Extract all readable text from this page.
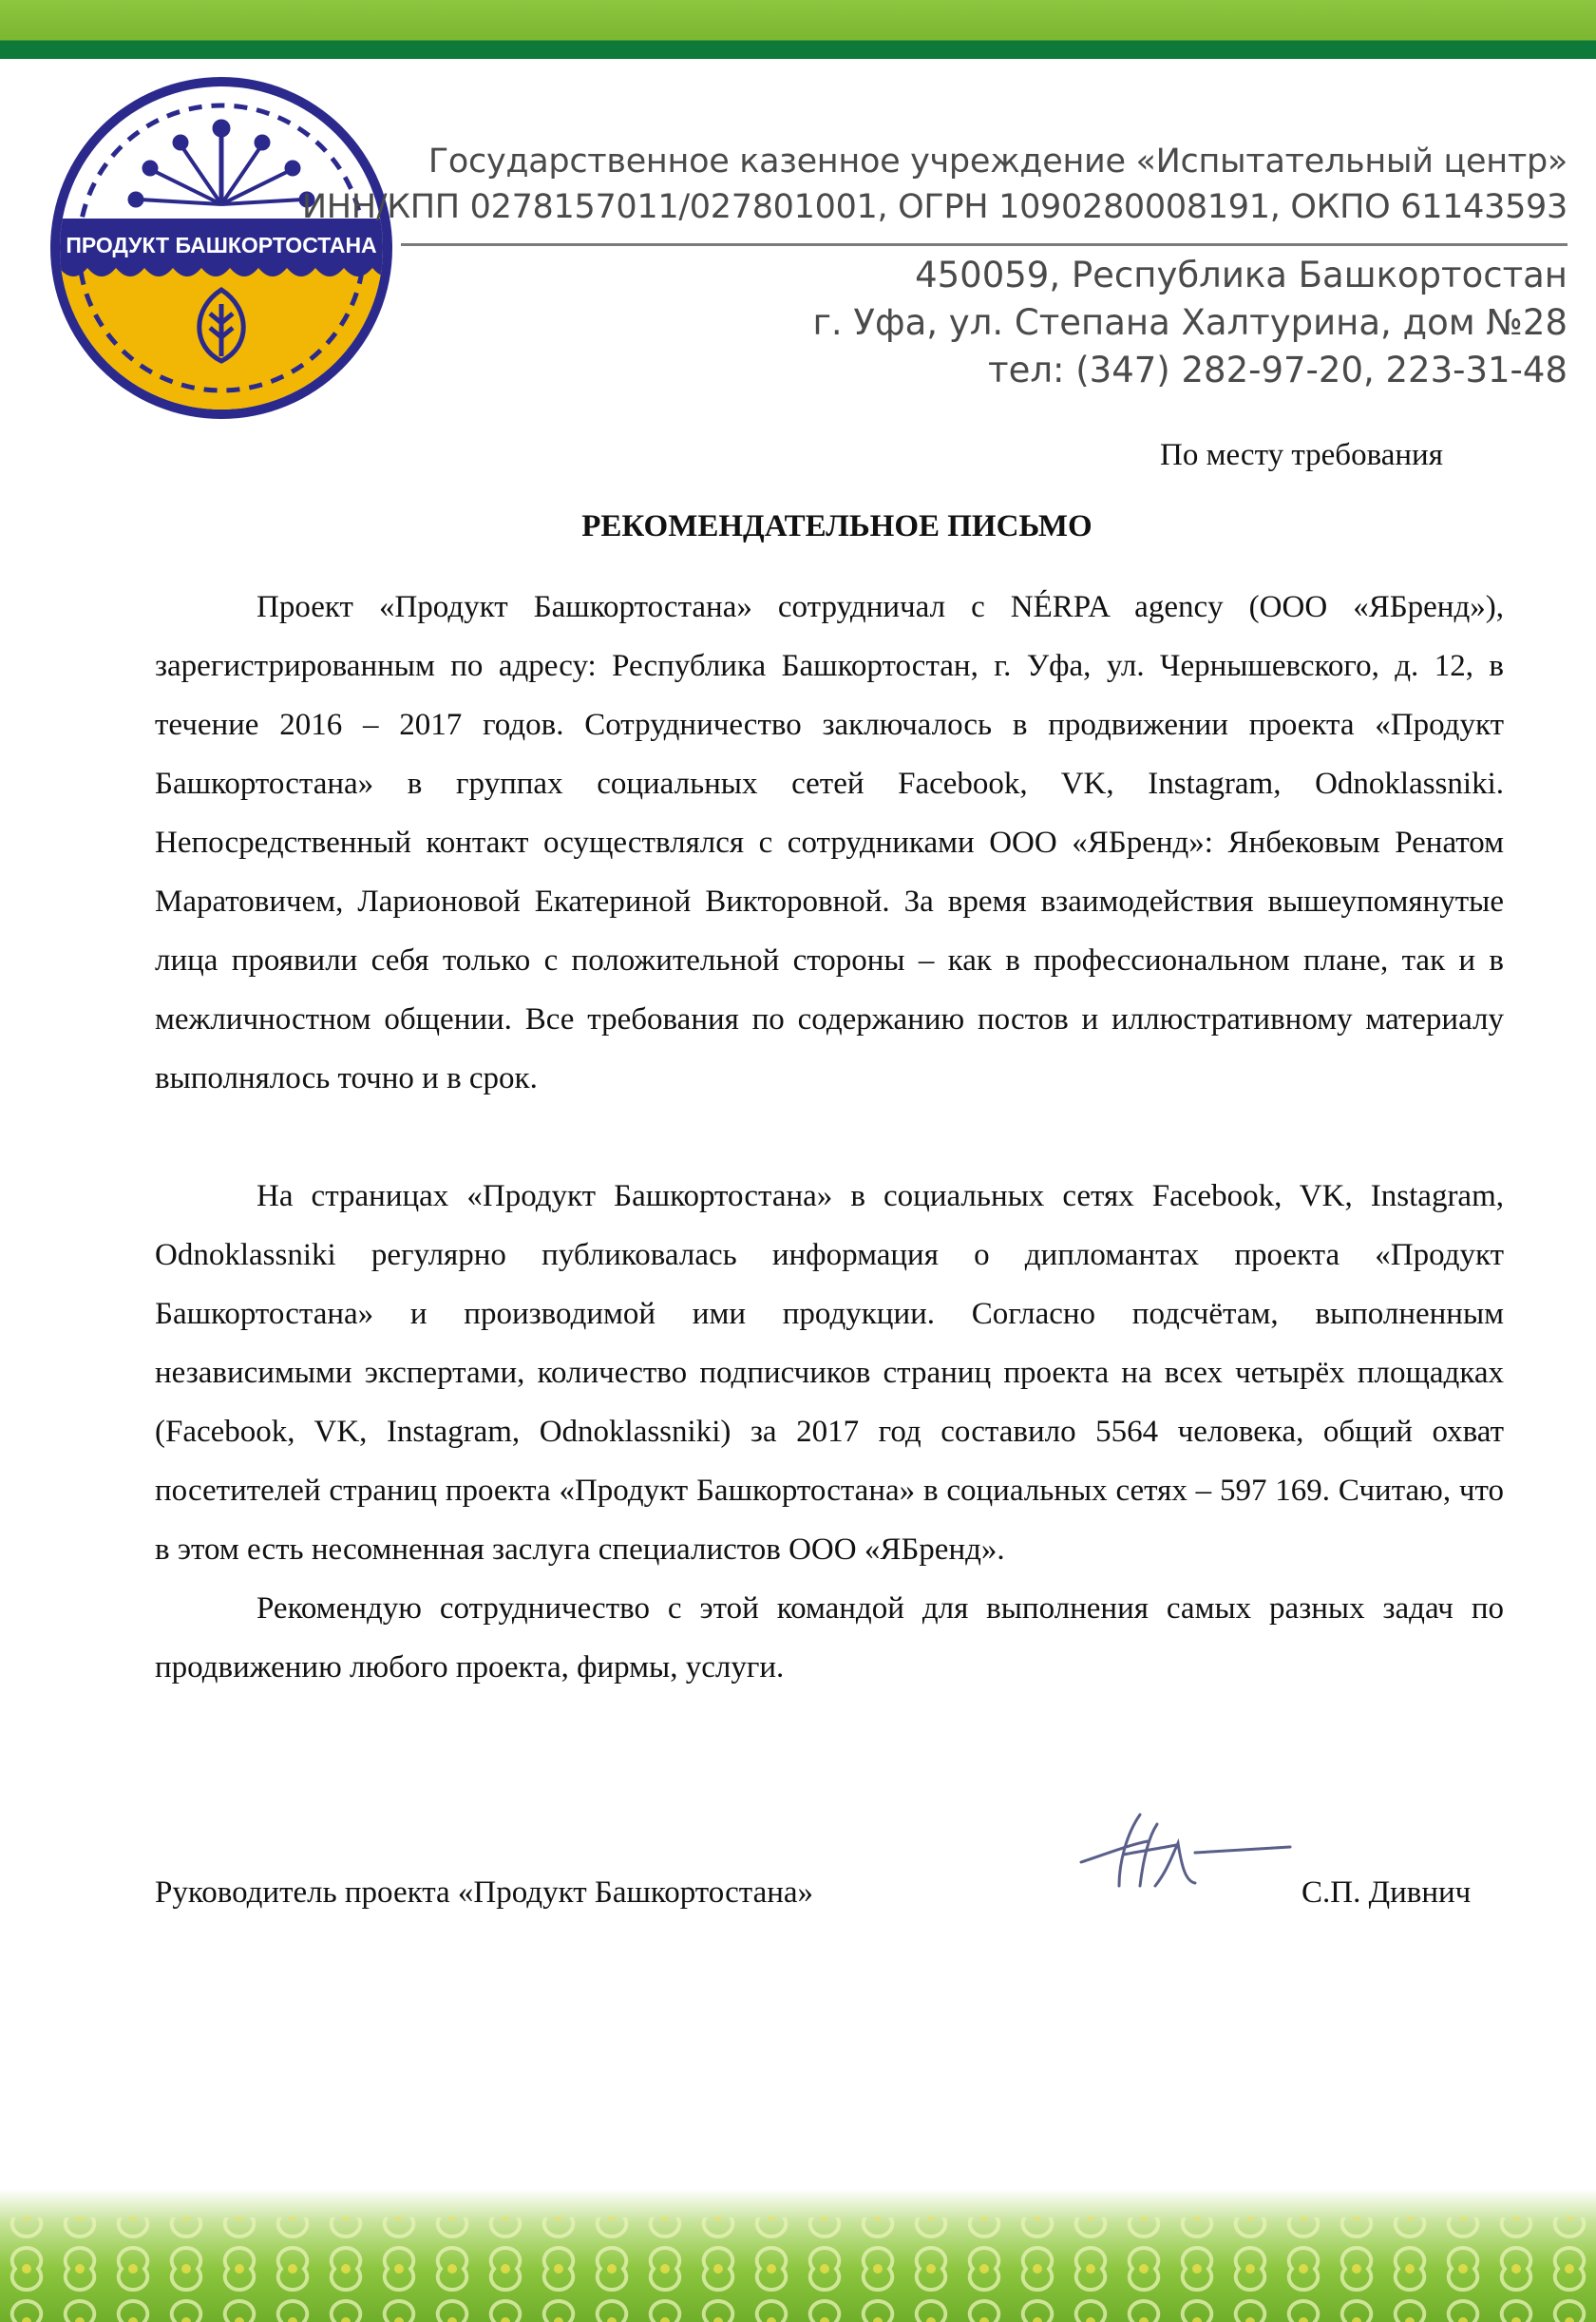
ПРОДУКТ БАШКОРТОСТАНА
Государственное казенное учреждение «Испытательный центр»
ИНН/КПП 0278157011/027801001, ОГРН 1090280008191, ОКПО 61143593
450059, Республика Башкортостан
г. Уфа, ул. Степана Халтурина, дом №28
тел: (347) 282-97-20, 223-31-48
По месту требования
РЕКОМЕНДАТЕЛЬНОЕ ПИСЬМО

Проект «Продукт Башкортостана» сотрудничал с NÉRPA agency (ООО «ЯБренд»), зарегистрированным по адресу: Республика Башкортостан, г. Уфа, ул. Чернышевского, д. 12, в течение 2016 – 2017 годов. Сотрудничество заключалось в продвижении проекта «Продукт Башкортостана» в группах социальных сетей Facebook, VK, Instagram, Odnoklassniki. Непосредственный контакт осуществлялся с сотрудниками ООО «ЯБренд»: Янбековым Ренатом Маратовичем, Ларионовой Екатериной Викторовной. За время взаимодействия вышеупомянутые лица проявили себя только с положительной стороны – как в профессиональном плане, так и в межличностном общении. Все требования по содержанию постов и иллюстративному материалу выполнялось точно и в срок.

На страницах «Продукт Башкортостана» в социальных сетях Facebook, VK, Instagram, Odnoklassniki регулярно публиковалась информация о дипломантах проекта «Продукт Башкортостана» и производимой ими продукции. Согласно подсчётам, выполненным независимыми экспертами, количество подписчиков страниц проекта на всех четырёх площадках (Facebook, VK, Instagram, Odnoklassniki) за 2017 год составило 5564 человека, общий охват посетителей страниц проекта «Продукт Башкортостана» в социальных сетях – 597 169. Считаю, что в этом есть несомненная заслуга специалистов ООО «ЯБренд».

Рекомендую сотрудничество с этой командой для выполнения самых разных задач по продвижению любого проекта, фирмы, услуги.

Руководитель проекта «Продукт Башкортостана»	С.П. Дивнич
